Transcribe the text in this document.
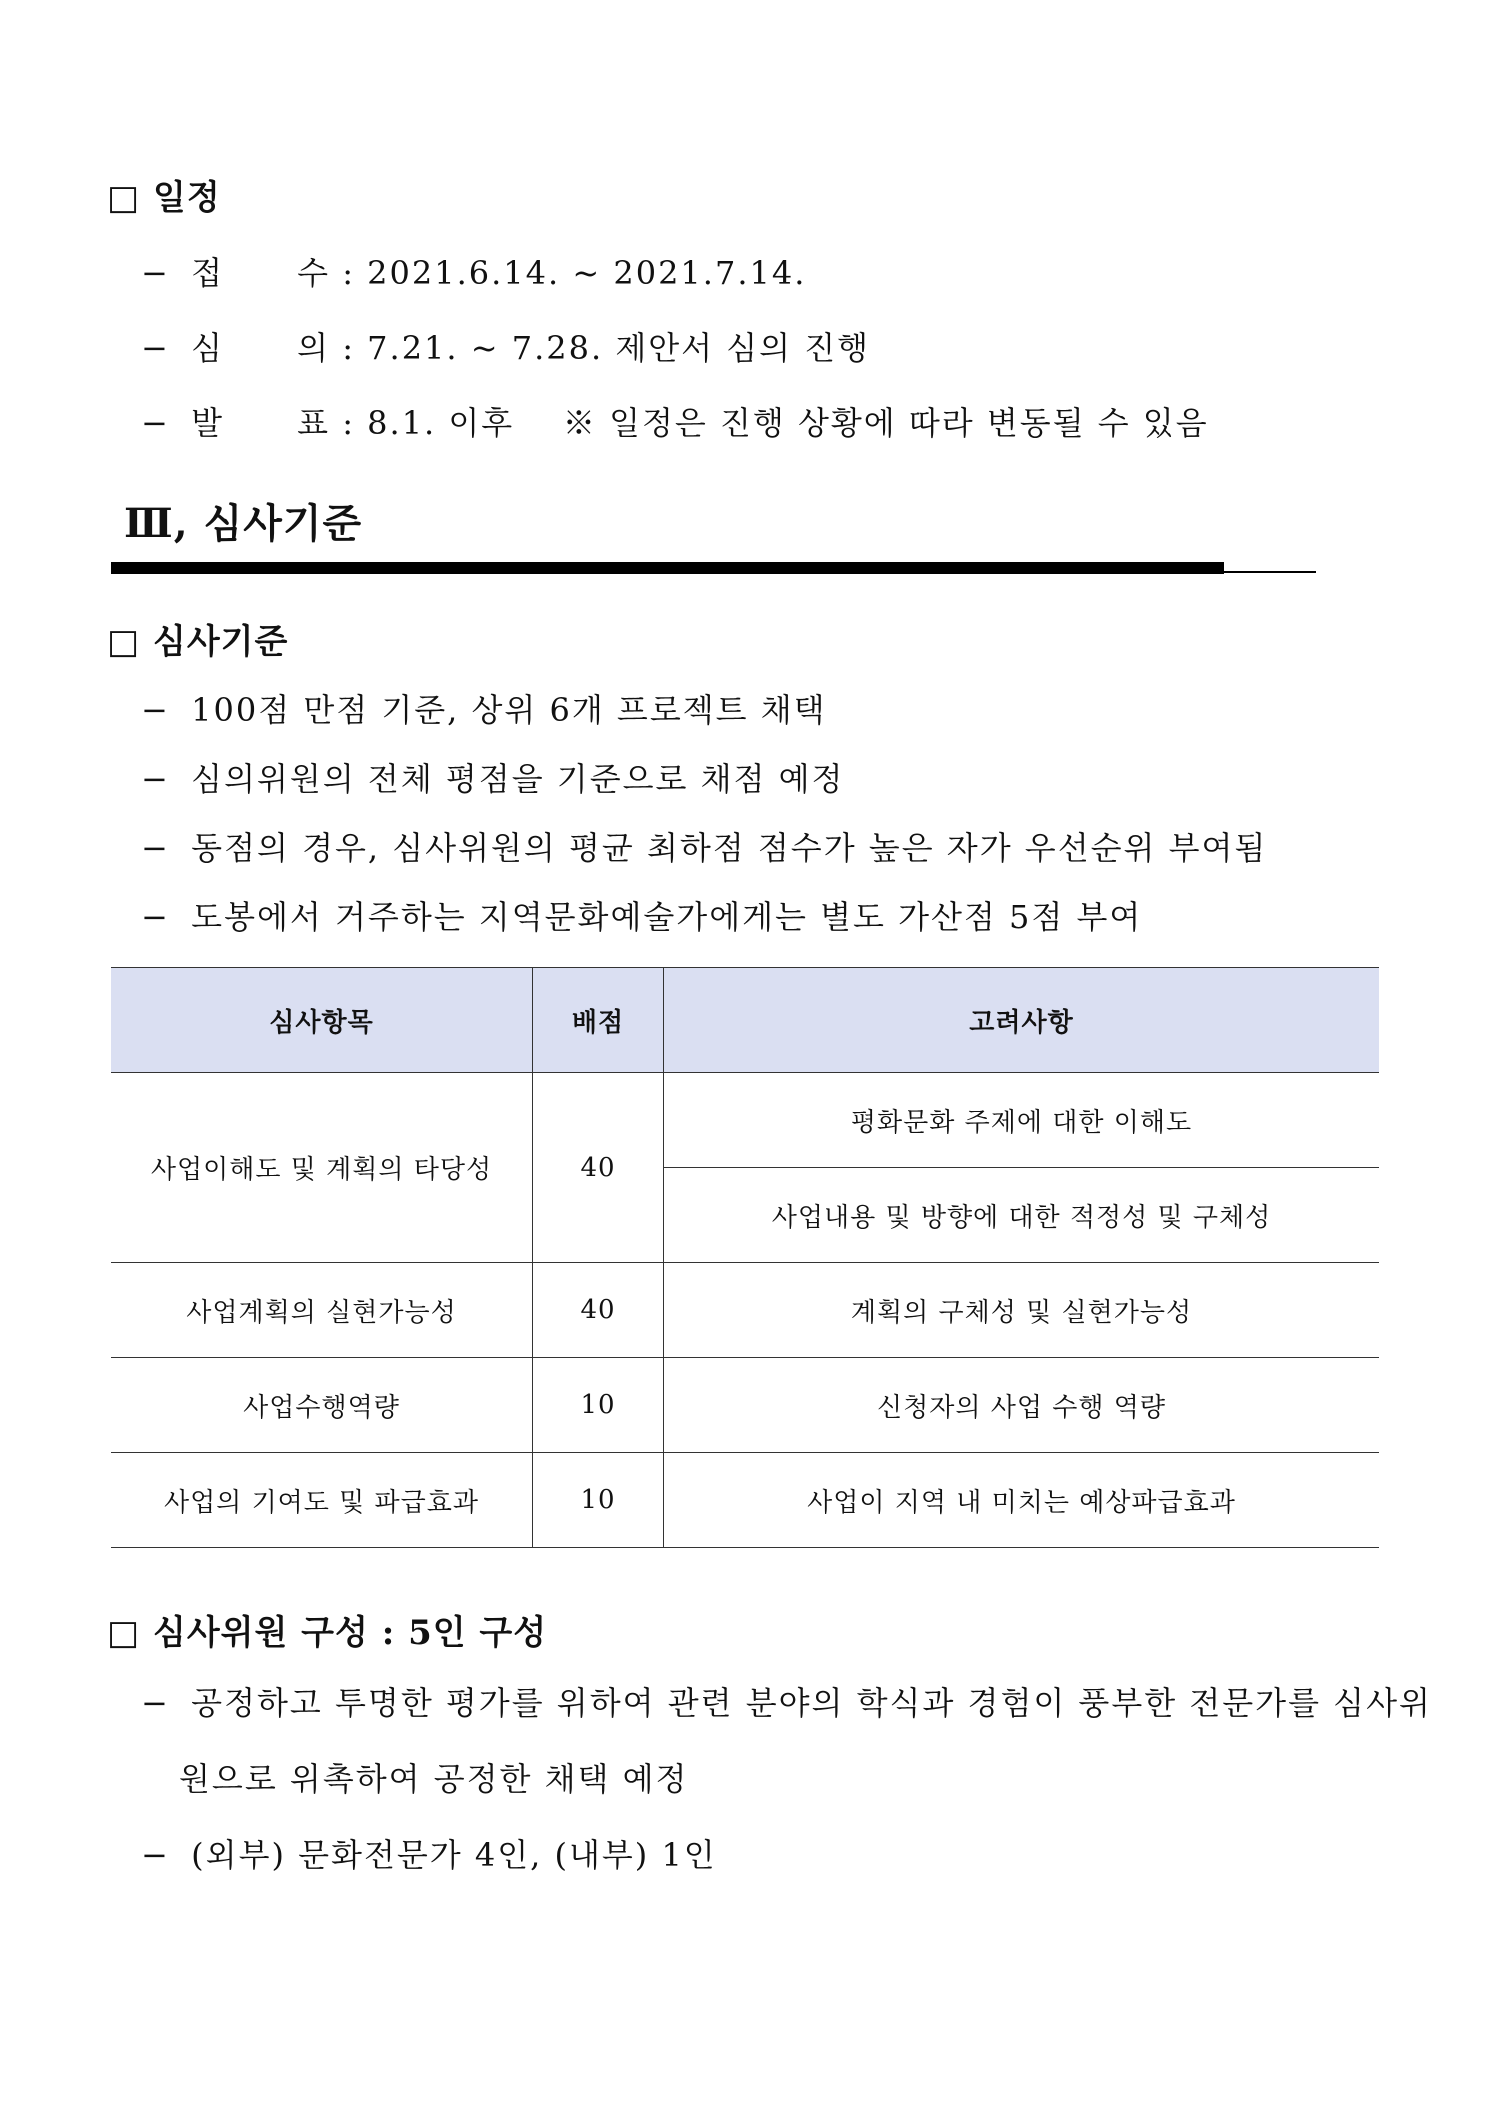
□ 일정
− 접      수 : 2021.6.14. ~ 2021.7.14.
− 심      의 : 7.21. ~ 7.28. 제안서 심의 진행
− 발      표 : 8.1. 이후    ※ 일정은 진행 상황에 따라 변동될 수 있음
Ⅲ, 심사기준
□ 심사기준
− 100점 만점 기준, 상위 6개 프로젝트 채택
− 심의위원의 전체 평점을 기준으로 채점 예정
− 동점의 경우, 심사위원의 평균 최하점 점수가 높은 자가 우선순위 부여됨
− 도봉에서 거주하는 지역문화예술가에게는 별도 가산점 5점 부여
심사항목	배점	고려사항
사업이해도 및 계획의 타당성	40	평화문화 주제에 대한 이해도
		사업내용 및 방향에 대한 적정성 및 구체성
사업계획의 실현가능성	40	계획의 구체성 및 실현가능성
사업수행역량	10	신청자의 사업 수행 역량
사업의 기여도 및 파급효과	10	사업이 지역 내 미치는 예상파급효과
□ 심사위원 구성 : 5인 구성
− 공정하고 투명한 평가를 위하여 관련 분야의 학식과 경험이 풍부한 전문가를 심사위
원으로 위촉하여 공정한 채택 예정
− (외부) 문화전문가 4인, (내부) 1인
